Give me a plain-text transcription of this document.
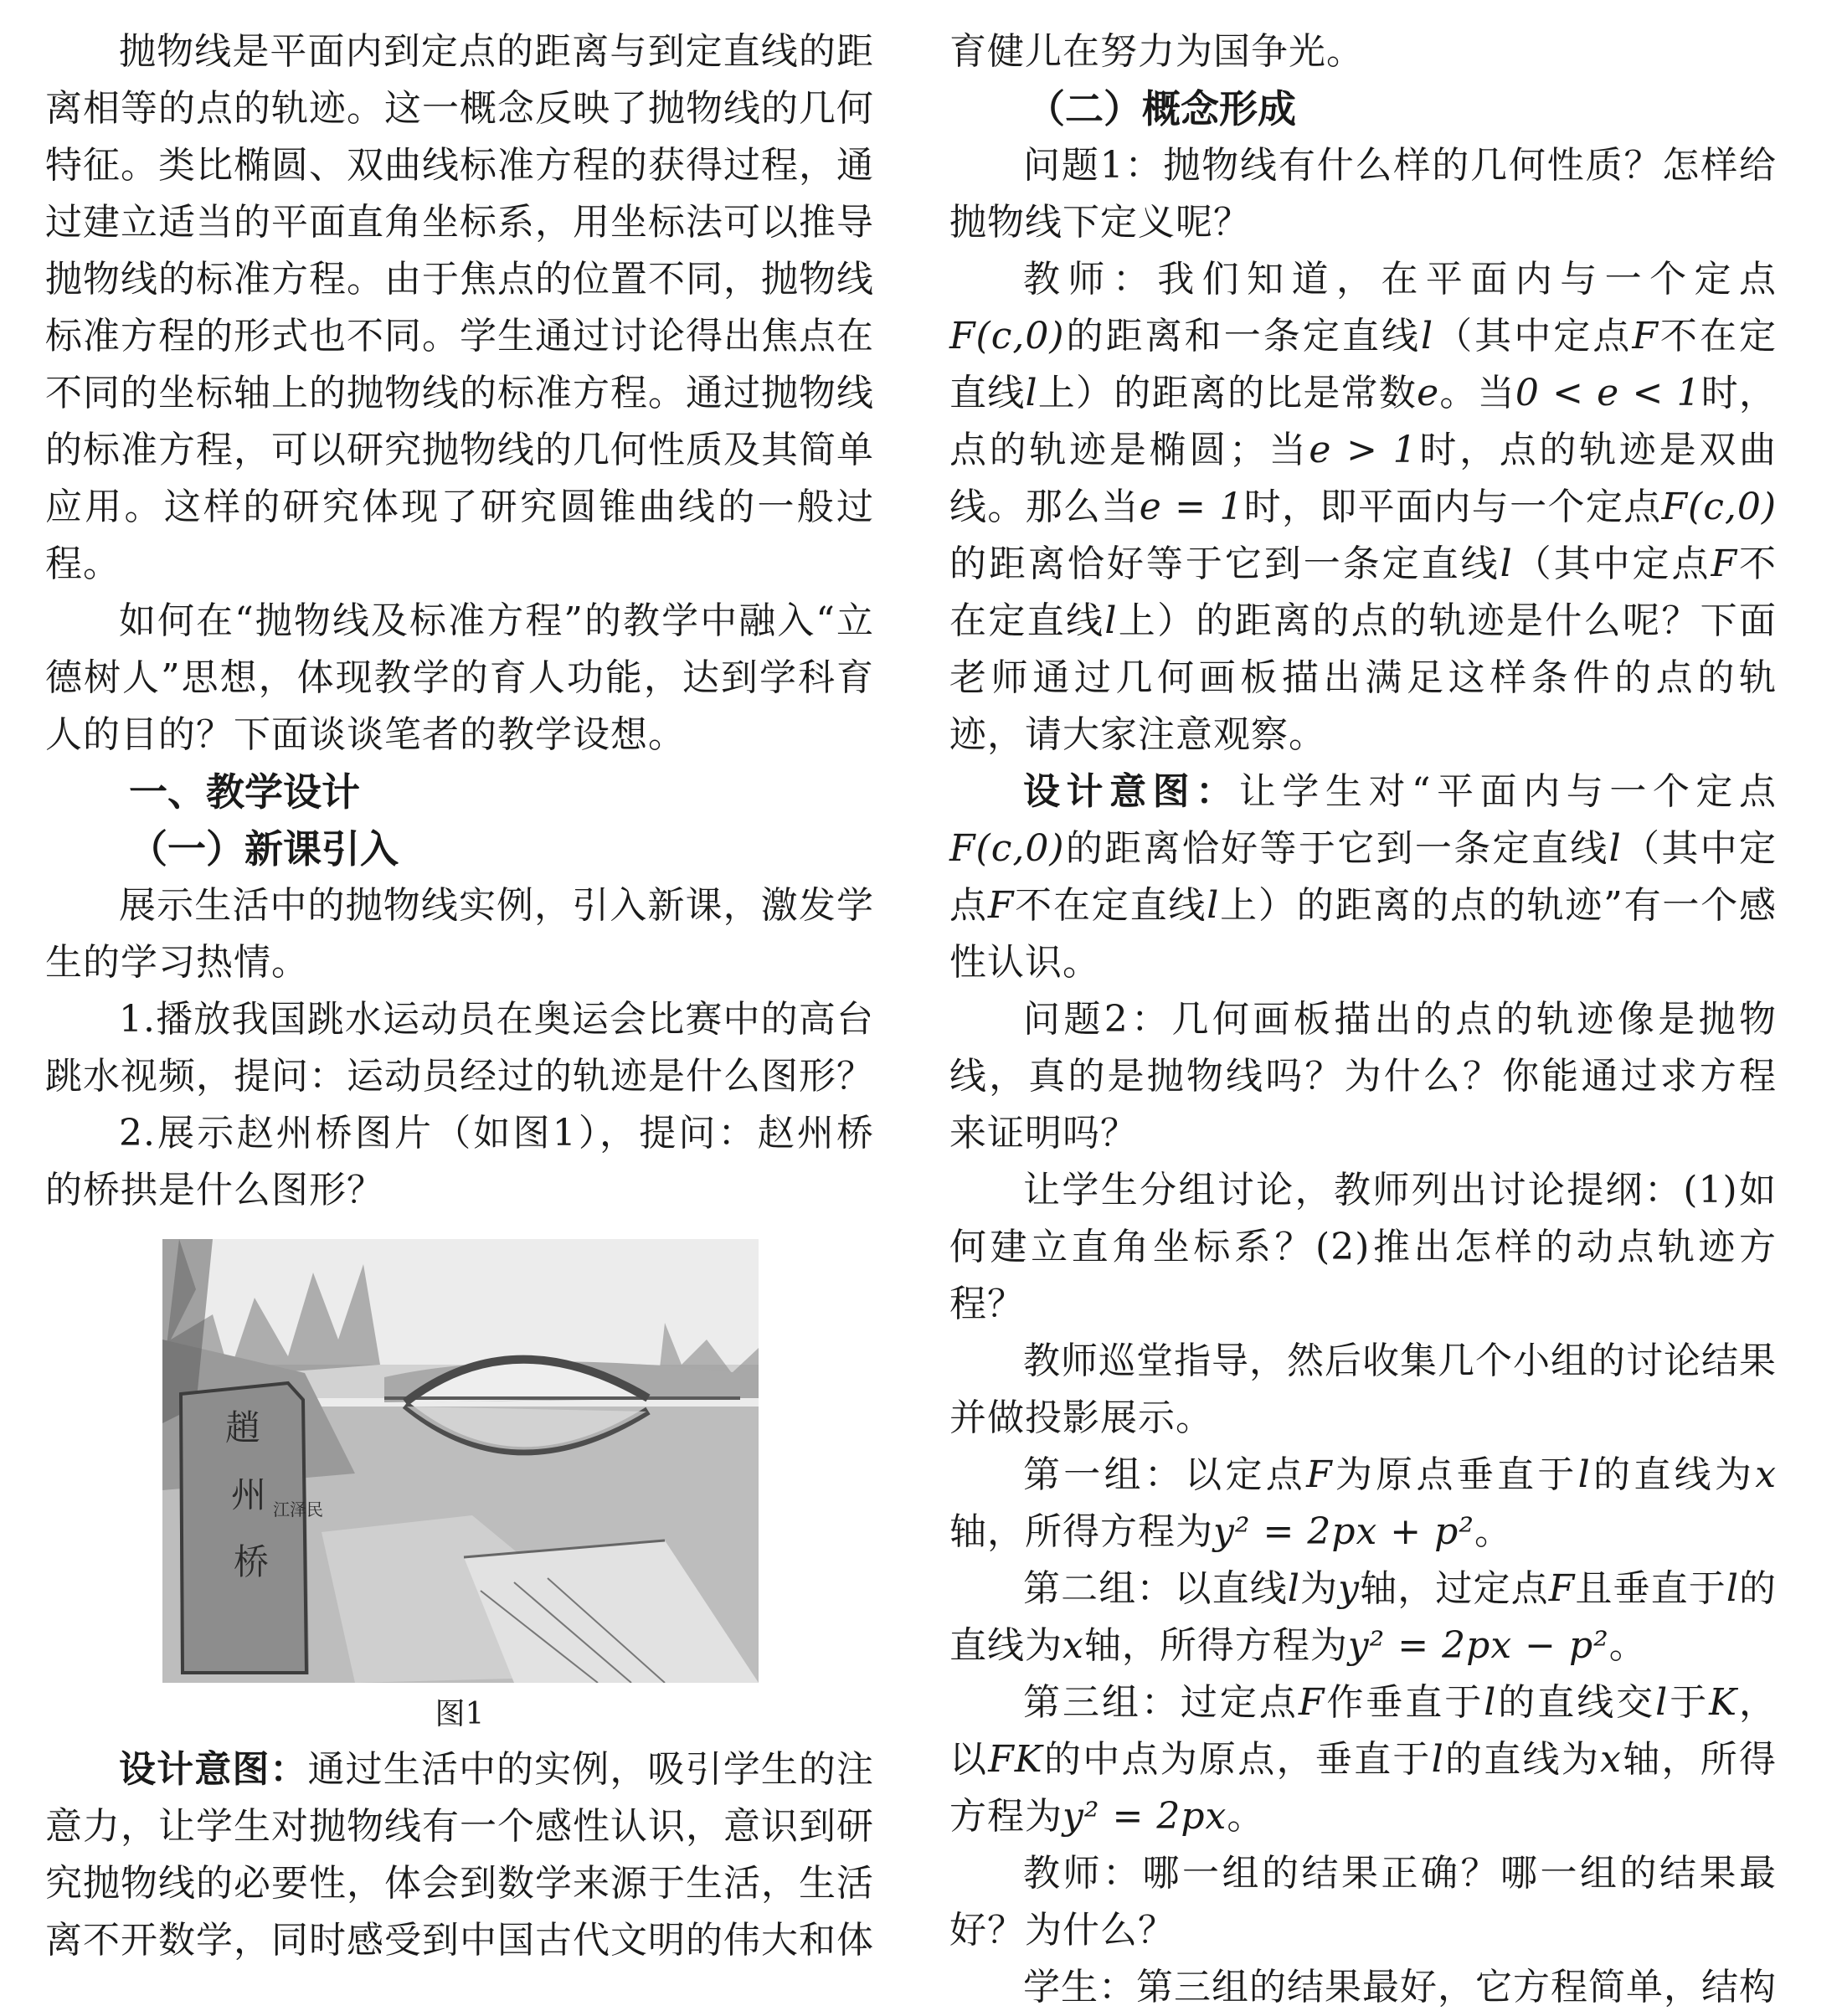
抛物线是平面内到定点的距离与到定直线的距离相等的点的轨迹。这一概念反映了抛物线的几何特征。类比椭圆、双曲线标准方程的获得过程，通过建立适当的平面直角坐标系，用坐标法可以推导抛物线的标准方程。由于焦点的位置不同，抛物线标准方程的形式也不同。学生通过讨论得出焦点在不同的坐标轴上的抛物线的标准方程。通过抛物线的标准方程，可以研究抛物线的几何性质及其简单应用。这样的研究体现了研究圆锥曲线的一般过程。

如何在“抛物线及标准方程”的教学中融入“立德树人”思想，体现教学的育人功能，达到学科育人的目的？下面谈谈笔者的教学设想。

一、教学设计

（一）新课引入

展示生活中的抛物线实例，引入新课，激发学生的学习热情。

1.播放我国跳水运动员在奥运会比赛中的高台跳水视频，提问：运动员经过的轨迹是什么图形？

2.展示赵州桥图片（如图1），提问：赵州桥的桥拱是什么图形？

趙
州
桥
江泽民

图1

设计意图：通过生活中的实例，吸引学生的注意力，让学生对抛物线有一个感性认识，意识到研究抛物线的必要性，体会到数学来源于生活，生活离不开数学，同时感受到中国古代文明的伟大和体

育健儿在努力为国争光。

（二）概念形成

问题1：抛物线有什么样的几何性质？怎样给抛物线下定义呢？

教师：我们知道，在平面内与一个定点F(c,0)的距离和一条定直线l（其中定点F不在定直线l上）的距离的比是常数e。当0 < e < 1时，点的轨迹是椭圆；当e > 1时，点的轨迹是双曲线。那么当e = 1时，即平面内与一个定点F(c,0)的距离恰好等于它到一条定直线l（其中定点F不在定直线l上）的距离的点的轨迹是什么呢？下面老师通过几何画板描出满足这样条件的点的轨迹，请大家注意观察。

设计意图：让学生对“平面内与一个定点F(c,0)的距离恰好等于它到一条定直线l（其中定点F不在定直线l上）的距离的点的轨迹”有一个感性认识。

问题2：几何画板描出的点的轨迹像是抛物线，真的是抛物线吗？为什么？你能通过求方程来证明吗？

让学生分组讨论，教师列出讨论提纲：(1)如何建立直角坐标系？(2)推出怎样的动点轨迹方程？

教师巡堂指导，然后收集几个小组的讨论结果并做投影展示。

第一组：以定点F为原点垂直于l的直线为x轴，所得方程为y² = 2px + p²。

第二组：以直线l为y轴，过定点F且垂直于l的直线为x轴，所得方程为y² = 2px − p²。

第三组：过定点F作垂直于l的直线交l于K，以FK的中点为原点，垂直于l的直线为x轴，所得方程为y² = 2px。

教师：哪一组的结果正确？哪一组的结果最好？为什么？

学生：第三组的结果最好，它方程简单，结构
